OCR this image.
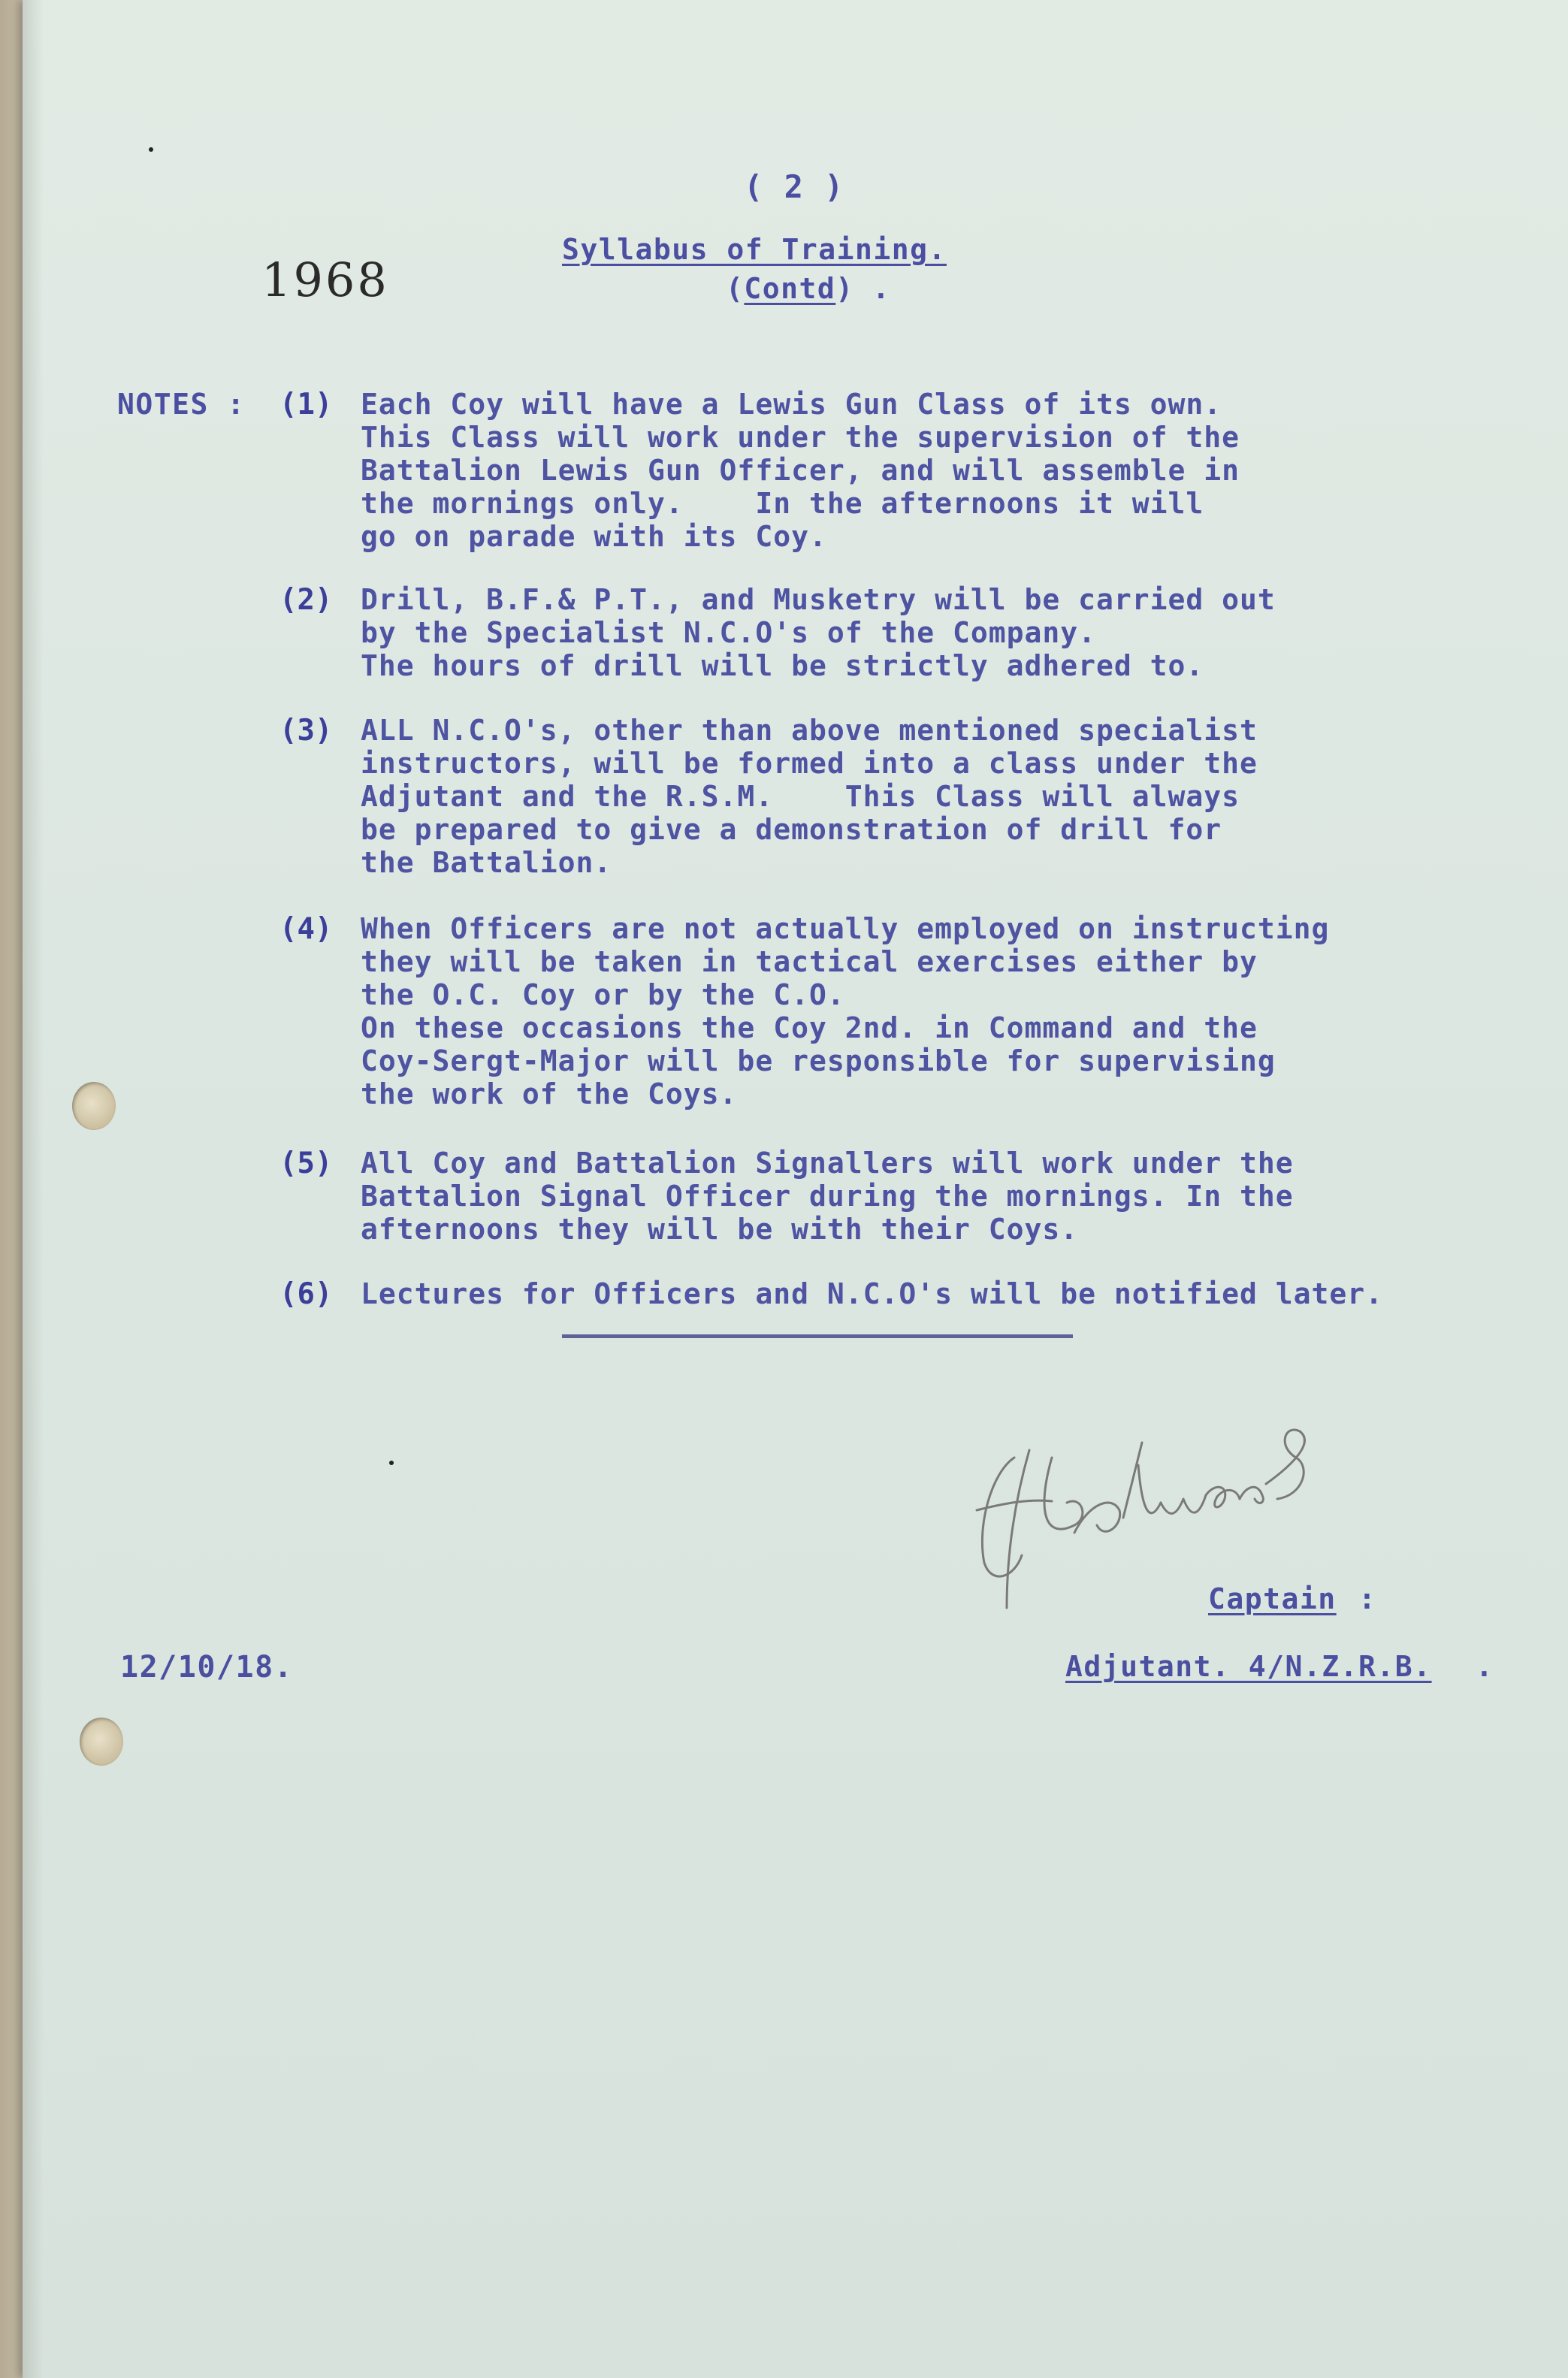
( 2 )
1968
Syllabus of Training.
(Contd) .
NOTES : (1) Each Coy will have a Lewis Gun Class of its own.
This Class will work under the supervision of the
Battalion Lewis Gun Officer, and will assemble in
the mornings only.    In the afternoons it will
go on parade with its Coy.
(2) Drill, B.F.& P.T., and Musketry will be carried out
by the Specialist N.C.O's of the Company.
The hours of drill will be strictly adhered to.
(3) ALL N.C.O's, other than above mentioned specialist
instructors, will be formed into a class under the
Adjutant and the R.S.M.    This Class will always
be prepared to give a demonstration of drill for
the Battalion.
(4) When Officers are not actually employed on instructing
they will be taken in tactical exercises either by
the O.C. Coy or by the C.O.
On these occasions the Coy 2nd. in Command and the
Coy-Sergt-Major will be responsible for supervising
the work of the Coys.
(5) All Coy and Battalion Signallers will work under the
Battalion Signal Officer during the mornings. In the
afternoons they will be with their Coys.
(6) Lectures for Officers and N.C.O's will be notified later.
Captain :
12/10/18.	Adjutant. 4/N.Z.R.B. .
